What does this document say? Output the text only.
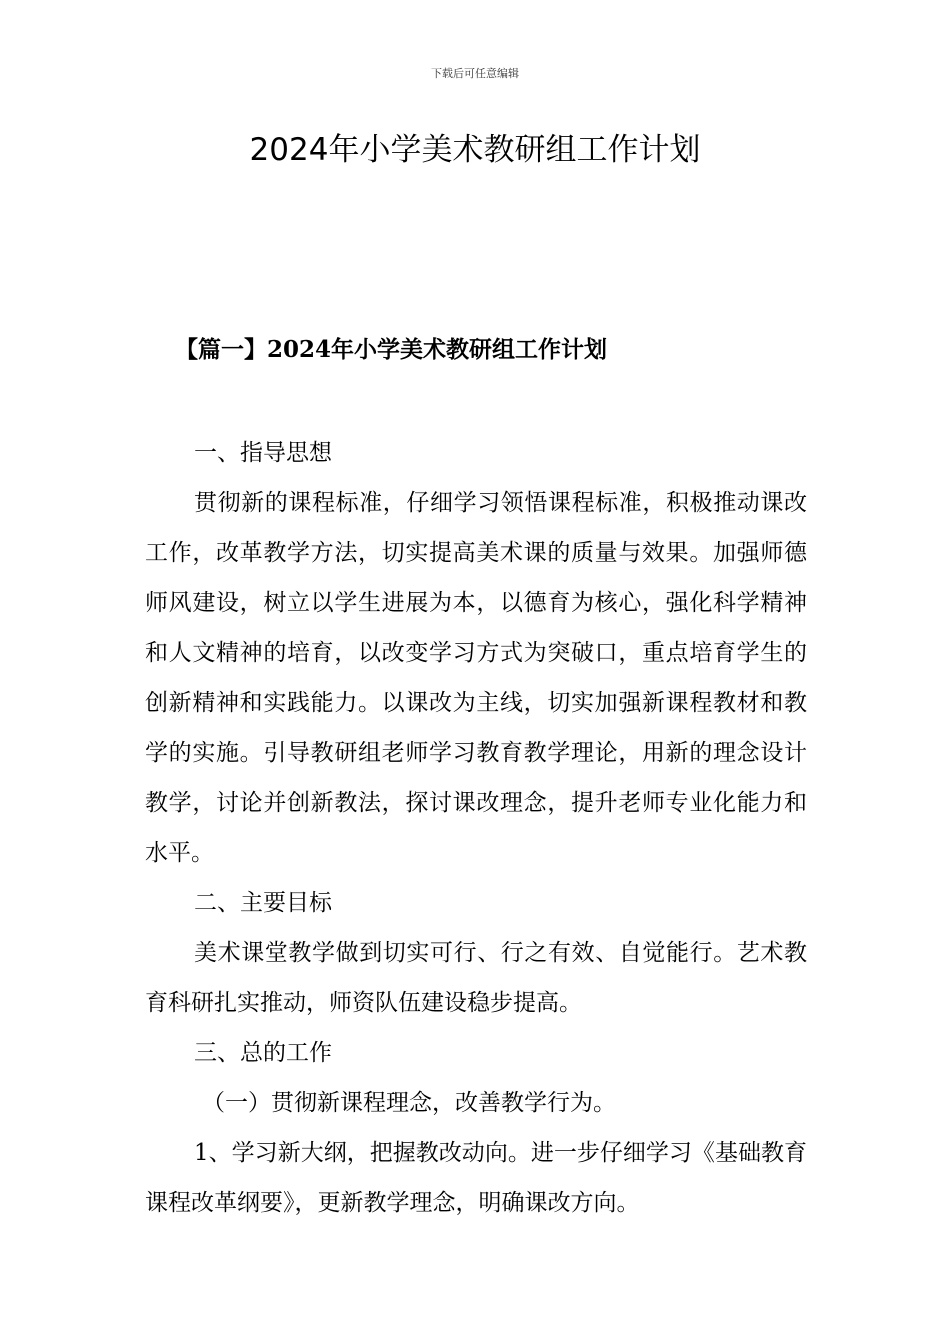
下载后可任意编辑
2024年小学美术教研组工作计划
【篇一】2024年小学美术教研组工作计划

一、指导思想

贯彻新的课程标准，仔细学习领悟课程标准，积极推动课改工作，改革教学方法，切实提高美术课的质量与效果。加强师德师风建设，树立以学生进展为本，以德育为核心，强化科学精神和人文精神的培育，以改变学习方式为突破口，重点培育学生的创新精神和实践能力。以课改为主线，切实加强新课程教材和教学的实施。引导教研组老师学习教育教学理论，用新的理念设计教学，讨论并创新教法，探讨课改理念，提升老师专业化能力和水平。

二、主要目标

美术课堂教学做到切实可行、行之有效、自觉能行。艺术教育科研扎实推动，师资队伍建设稳步提高。

三、总的工作

（一）贯彻新课程理念，改善教学行为。

1、学习新大纲，把握教改动向。进一步仔细学习《基础教育课程改革纲要》，更新教学理念，明确课改方向。
